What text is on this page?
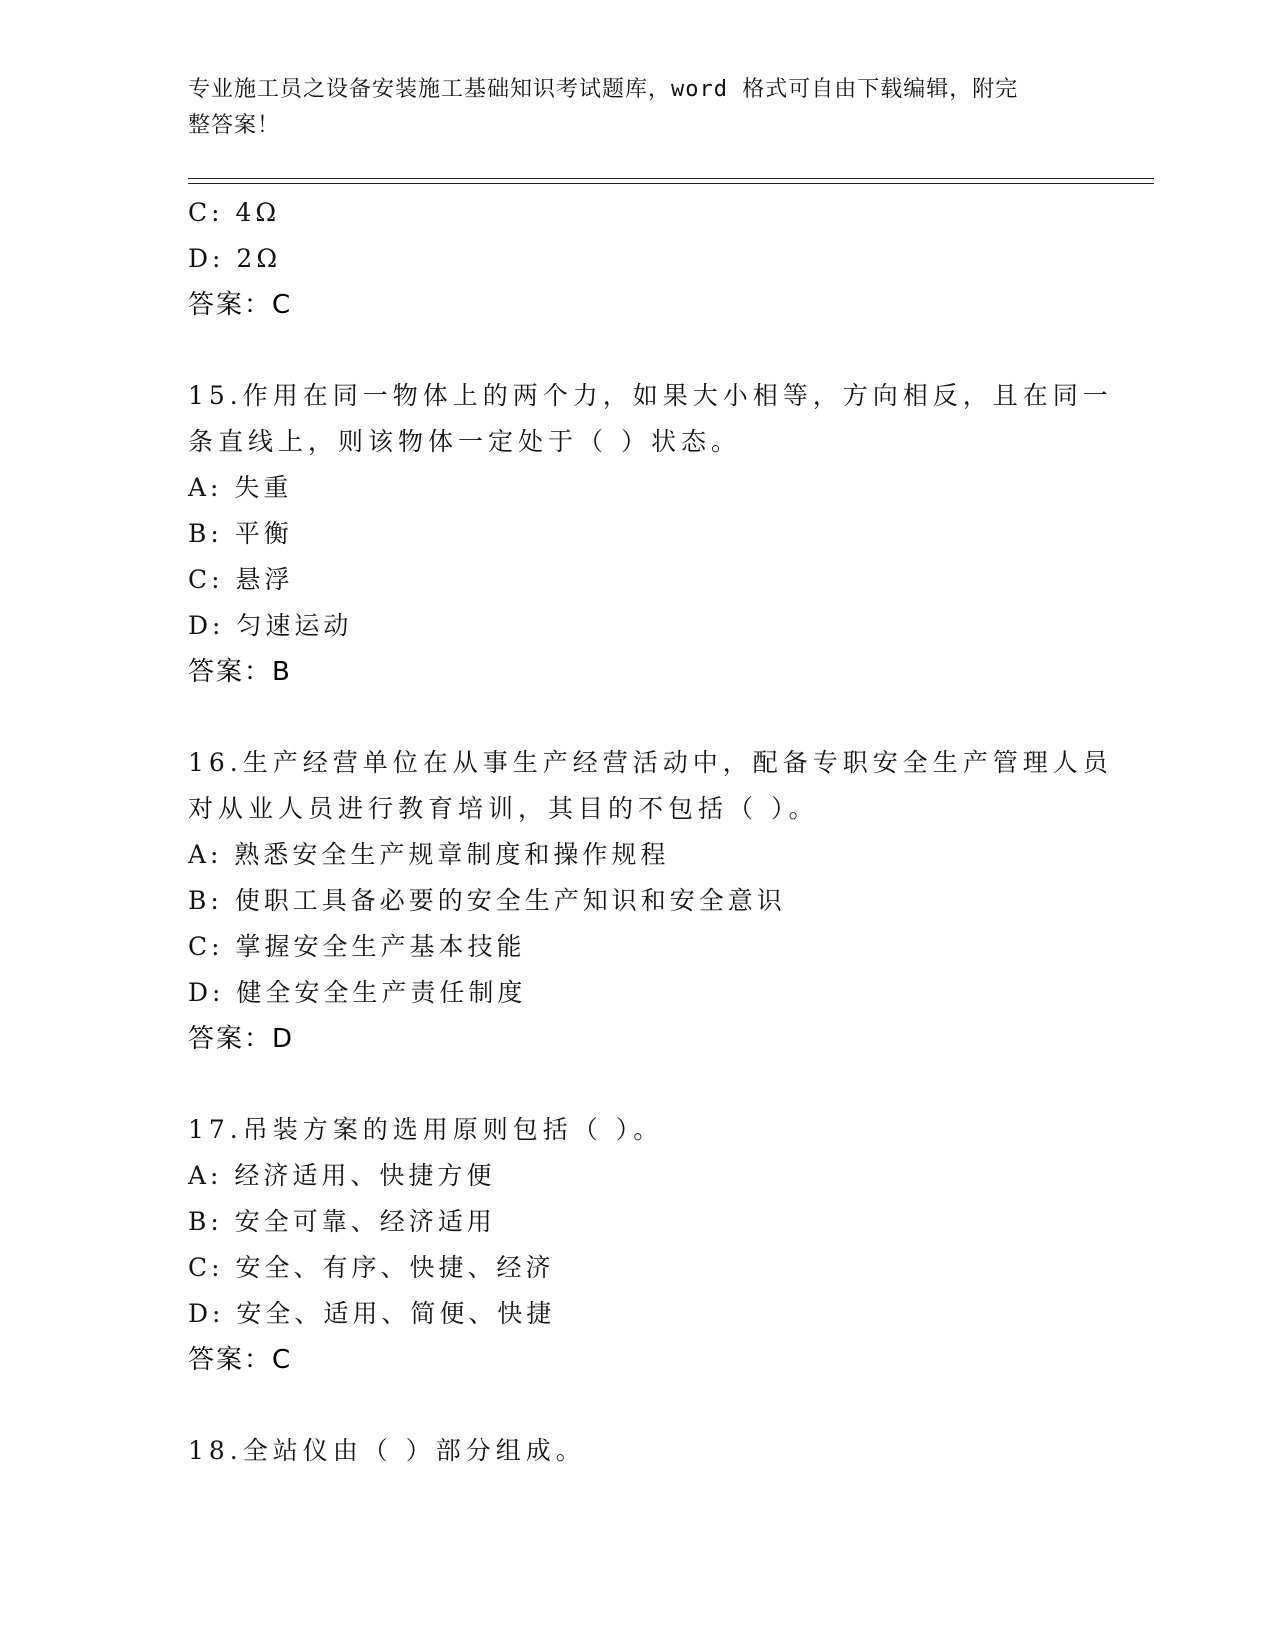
专业施工员之设备安装施工基础知识考试题库，word 格式可自由下载编辑，附完
整答案！
C: 4Ω
D: 2Ω
答案：C
15.作用在同一物体上的两个力，如果大小相等，方向相反，且在同一
条直线上，则该物体一定处于（ ）状态。
A: 失重
B: 平衡
C: 悬浮
D: 匀速运动
答案：B
16.生产经营单位在从事生产经营活动中，配备专职安全生产管理人员
对从业人员进行教育培训，其目的不包括（ ）。
A: 熟悉安全生产规章制度和操作规程
B: 使职工具备必要的安全生产知识和安全意识
C: 掌握安全生产基本技能
D: 健全安全生产责任制度
答案：D
17.吊装方案的选用原则包括（ ）。
A: 经济适用、快捷方便
B: 安全可靠、经济适用
C: 安全、有序、快捷、经济
D: 安全、适用、简便、快捷
答案：C
18.全站仪由（ ）部分组成。
